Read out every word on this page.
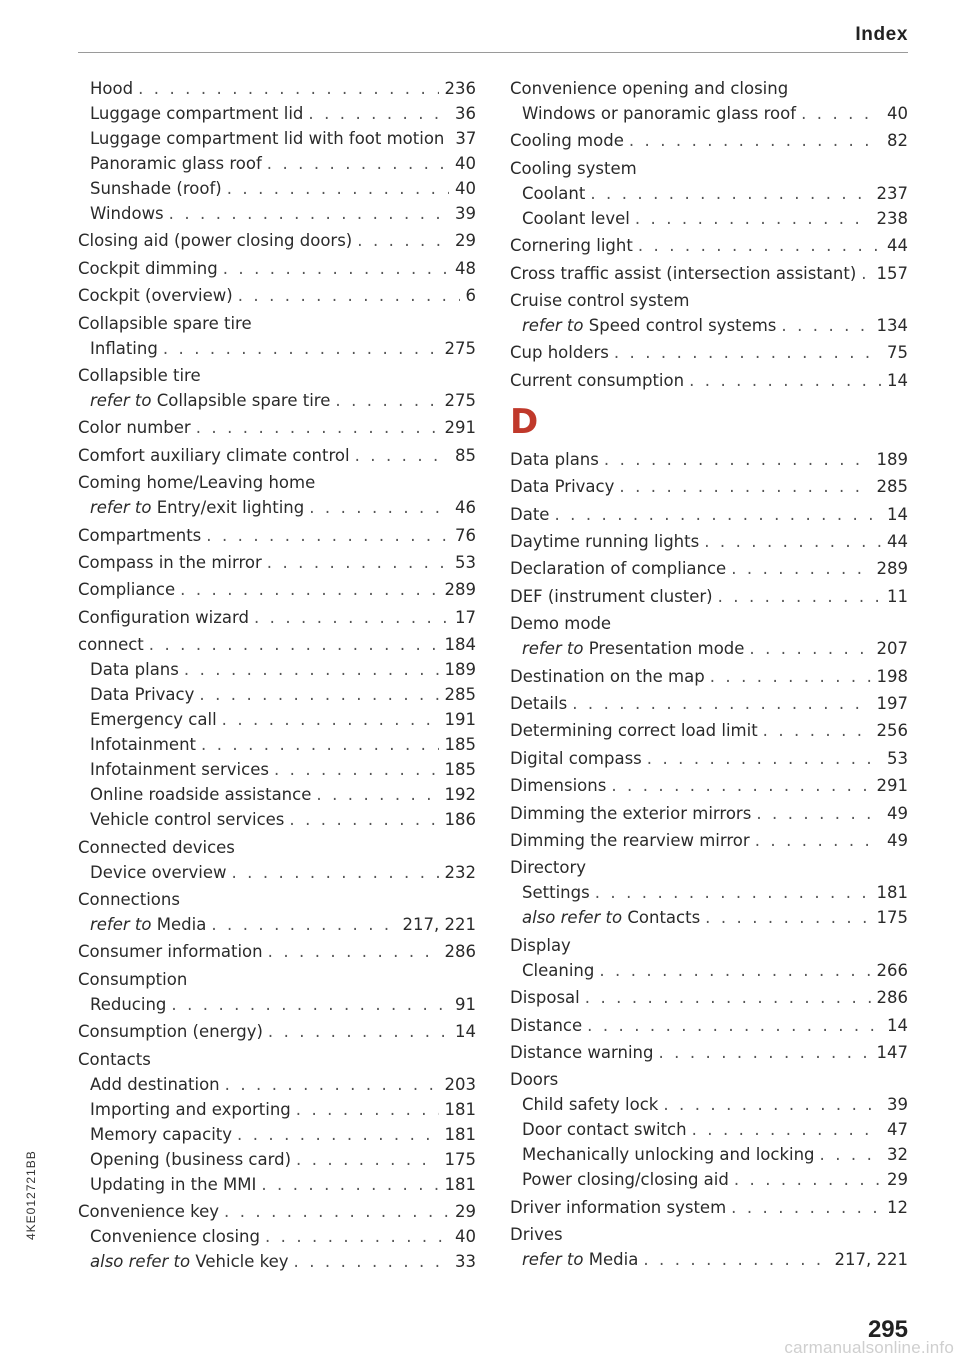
Index
Hood . . .	236
Luggage compartment lid . . .	36
Luggage compartment lid with foot motion 37
Panoramic glass roof . . .	40
Sunshade (roof) . . .	40
Windows . . .	39
Closing aid (power closing doors) . . .	29
Cockpit dimming . . .	48
Cockpit (overview) . . .	6
Collapsible spare tire
Inflating . . .	275
Collapsible tire
refer to Collapsible spare tire . . .	275
Color number . . .	291
Comfort auxiliary climate control . . .	85
Coming home/Leaving home
refer to Entry/exit lighting . . .	46
Compartments . . .	76
Compass in the mirror . . .	53
Compliance . . .	289
Configuration wizard . . .	17
connect . . .	184
Data plans . . .	189
Data Privacy . . .	285
Emergency call . . .	191
Infotainment . . .	185
Infotainment services . . .	185
Online roadside assistance . . .	192
Vehicle control services . . .	186
Connected devices
Device overview . . .	232
Connections
refer to Media . . .	217, 221
Consumer information . . .	286
Consumption
Reducing . . .	91
Consumption (energy) . . .	14
Contacts
Add destination . . .	203
Importing and exporting . . .	181
Memory capacity . . .	181
Opening (business card) . . .	175
Updating in the MMI . . .	181
Convenience key . . .	29
Convenience closing . . .	40
also refer to Vehicle key . . .	33
Convenience opening and closing
Windows or panoramic glass roof . . .	40
Cooling mode . . .	82
Cooling system
Coolant . . .	237
Coolant level . . .	238
Cornering light . . .	44
Cross traffic assist (intersection assistant) . . . 157
Cruise control system
refer to Speed control systems . . .	134
Cup holders . . .	75
Current consumption . . .	14
D
Data plans . . .	189
Data Privacy . . .	285
Date . . .	14
Daytime running lights . . .	44
Declaration of compliance . . .	289
DEF (instrument cluster) . . .	11
Demo mode
refer to Presentation mode . . .	207
Destination on the map . . .	198
Details . . .	197
Determining correct load limit . . .	256
Digital compass . . .	53
Dimensions . . .	291
Dimming the exterior mirrors . . .	49
Dimming the rearview mirror . . .	49
Directory
Settings . . .	181
also refer to Contacts . . .	175
Display
Cleaning . . .	266
Disposal . . .	286
Distance . . .	14
Distance warning . . .	147
Doors
Child safety lock . . .	39
Door contact switch . . .	47
Mechanically unlocking and locking . . .	32
Power closing/closing aid . . .	29
Driver information system . . .	12
Drives
refer to Media . . .	217, 221
4KE012721BB
295
carmanualsonline.info
